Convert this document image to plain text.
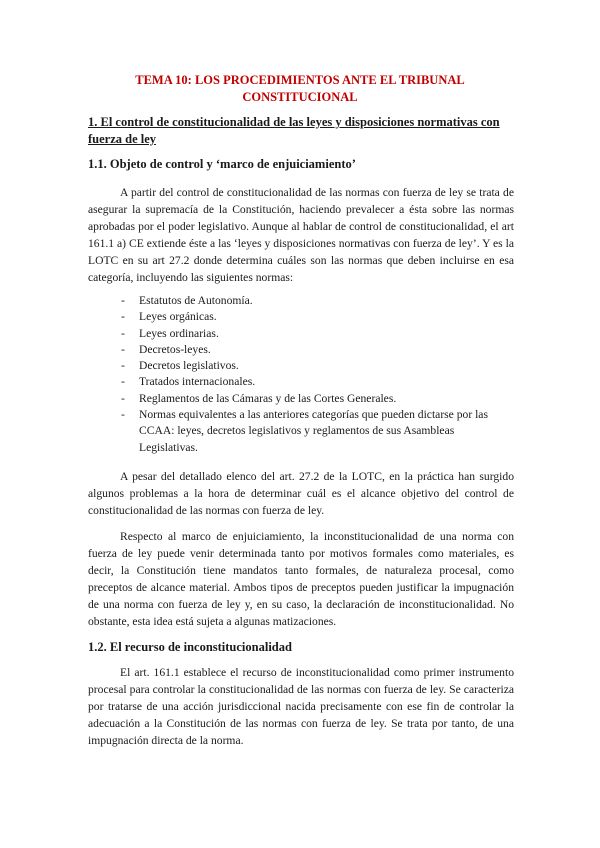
TEMA 10: LOS PROCEDIMIENTOS ANTE EL TRIBUNAL CONSTITUCIONAL
1. El control de constitucionalidad de las leyes y disposiciones normativas con fuerza de ley
1.1. Objeto de control y ‘marco de enjuiciamiento’
A partir del control de constitucionalidad de las normas con fuerza de ley se trata de asegurar la supremacía de la Constitución, haciendo prevalecer a ésta sobre las normas aprobadas por el poder legislativo. Aunque al hablar de control de constitucionalidad, el art 161.1 a) CE extiende éste a las ‘leyes y disposiciones normativas con fuerza de ley’. Y es la LOTC en su art 27.2 donde determina cuáles son las normas que deben incluirse en esa categoría, incluyendo las siguientes normas:
- Estatutos de Autonomía.
- Leyes orgánicas.
- Leyes ordinarias.
- Decretos-leyes.
- Decretos legislativos.
- Tratados internacionales.
- Reglamentos de las Cámaras y de las Cortes Generales.
- Normas equivalentes a las anteriores categorías que pueden dictarse por las CCAA: leyes, decretos legislativos y reglamentos de sus Asambleas Legislativas.
A pesar del detallado elenco del art. 27.2 de la LOTC, en la práctica han surgido algunos problemas a la hora de determinar cuál es el alcance objetivo del control de constitucionalidad de las normas con fuerza de ley.
Respecto al marco de enjuiciamiento, la inconstitucionalidad de una norma con fuerza de ley puede venir determinada tanto por motivos formales como materiales, es decir, la Constitución tiene mandatos tanto formales, de naturaleza procesal, como preceptos de alcance material. Ambos tipos de preceptos pueden justificar la impugnación de una norma con fuerza de ley y, en su caso, la declaración de inconstitucionalidad. No obstante, esta idea está sujeta a algunas matizaciones.
1.2. El recurso de inconstitucionalidad
El art. 161.1 establece el recurso de inconstitucionalidad como primer instrumento procesal para controlar la constitucionalidad de las normas con fuerza de ley. Se caracteriza por tratarse de una acción jurisdiccional nacida precisamente con ese fin de controlar la adecuación a la Constitución de las normas con fuerza de ley. Se trata por tanto, de una impugnación directa de la norma.
